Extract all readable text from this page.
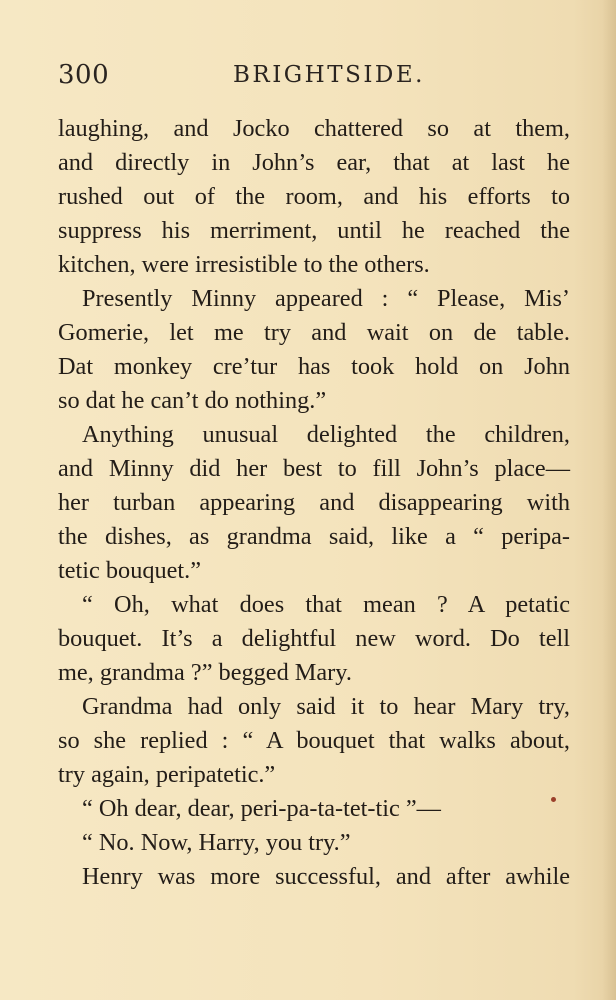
300	BRIGHTSIDE.
laughing, and Jocko chattered so at them,
and directly in John’s ear, that at last he
rushed out of the room, and his efforts to
suppress his merriment, until he reached the
kitchen, were irresistible to the others.
Presently Minny appeared : “ Please, Mis’
Gomerie, let me try and wait on de table.
Dat monkey cre’tur has took hold on John
so dat he can’t do nothing.”
Anything unusual delighted the children,
and Minny did her best to fill John’s place—
her turban appearing and disappearing with
the dishes, as grandma said, like a “ peripa-
tetic bouquet.”
“ Oh, what does that mean ? A petatic
bouquet. It’s a delightful new word. Do tell
me, grandma ?” begged Mary.
Grandma had only said it to hear Mary try,
so she replied : “ A bouquet that walks about,
try again, peripatetic.”
“ Oh dear, dear, peri-pa-ta-tet-tic ”—
“ No. Now, Harry, you try.”
Henry was more successful, and after awhile
